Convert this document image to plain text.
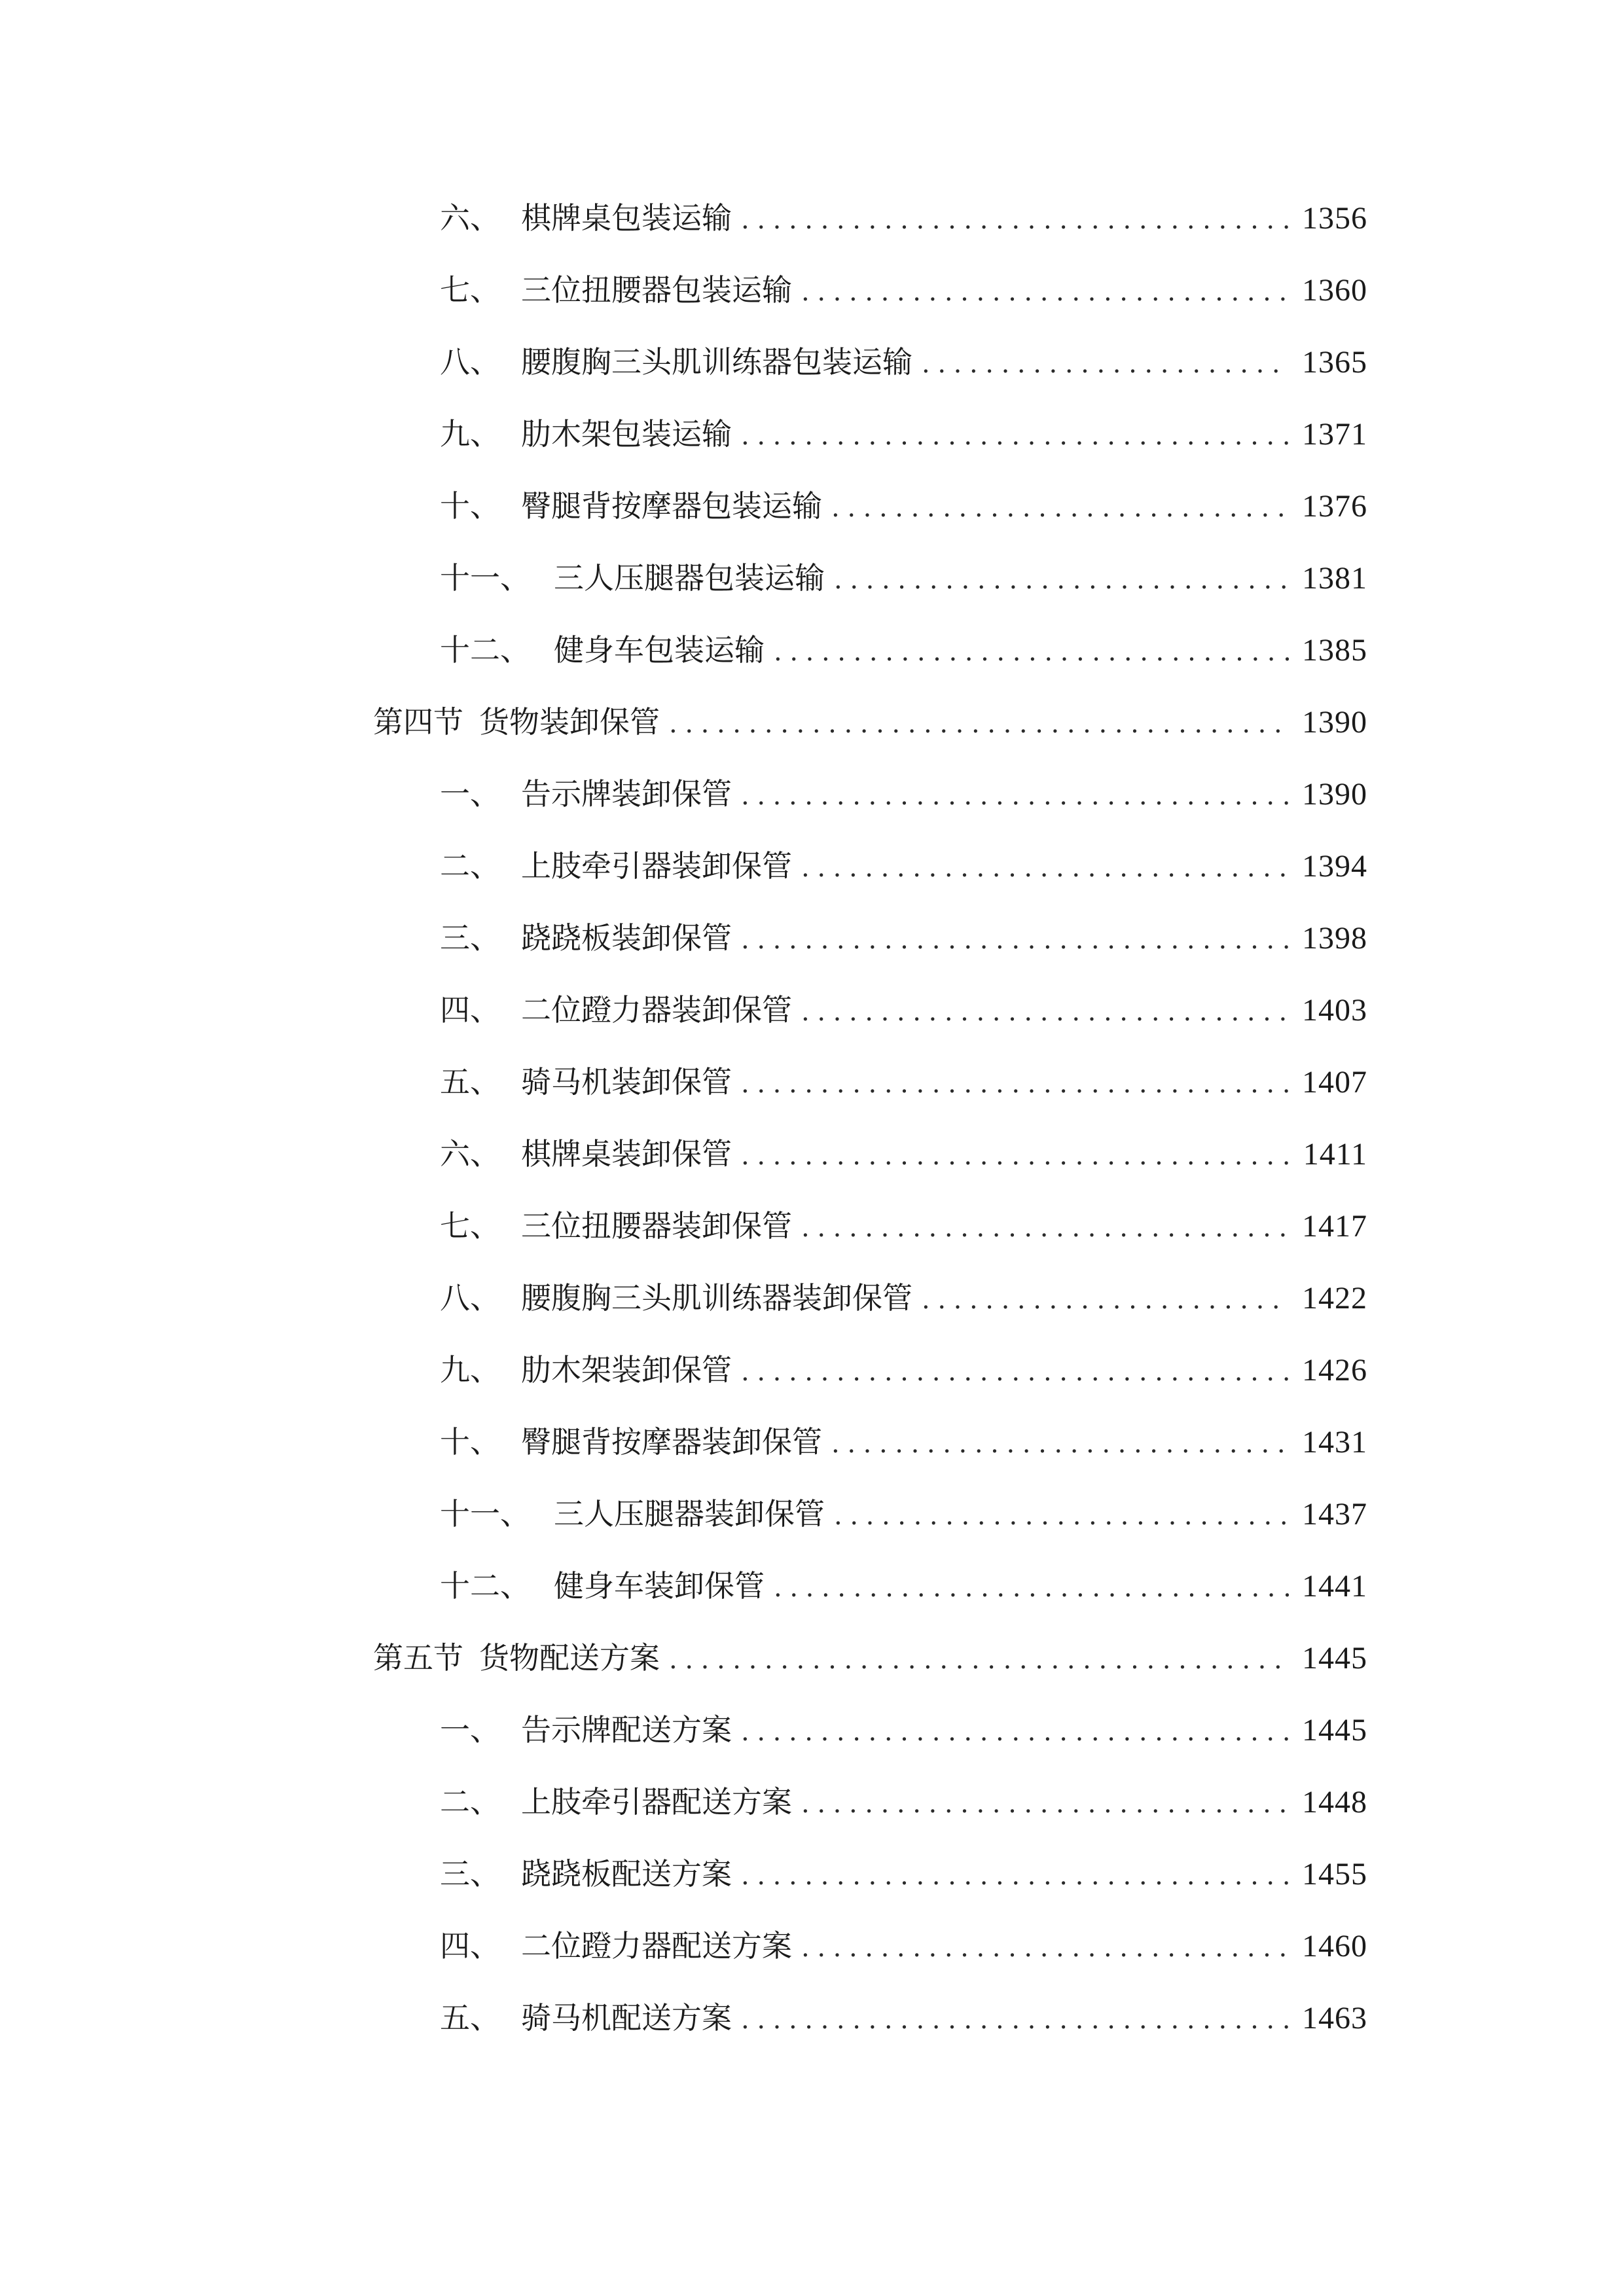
六、 棋牌桌包装运输 .....	1356
七、 三位扭腰器包装运输 .....	1360
八、 腰腹胸三头肌训练器包装运输 .....	1365
九、 肋木架包装运输 .....	1371
十、 臀腿背按摩器包装运输 .....	1376
十一、 三人压腿器包装运输 .....	1381
十二、 健身车包装运输 .....	1385
第四节 货物装卸保管 .....	1390
一、 告示牌装卸保管 .....	1390
二、 上肢牵引器装卸保管 .....	1394
三、 跷跷板装卸保管 .....	1398
四、 二位蹬力器装卸保管 .....	1403
五、 骑马机装卸保管 .....	1407
六、 棋牌桌装卸保管 .....	1411
七、 三位扭腰器装卸保管 .....	1417
八、 腰腹胸三头肌训练器装卸保管 .....	1422
九、 肋木架装卸保管 .....	1426
十、 臀腿背按摩器装卸保管 .....	1431
十一、 三人压腿器装卸保管 .....	1437
十二、 健身车装卸保管 .....	1441
第五节 货物配送方案 .....	1445
一、 告示牌配送方案 .....	1445
二、 上肢牵引器配送方案 .....	1448
三、 跷跷板配送方案 .....	1455
四、 二位蹬力器配送方案 .....	1460
五、 骑马机配送方案 .....	1463
